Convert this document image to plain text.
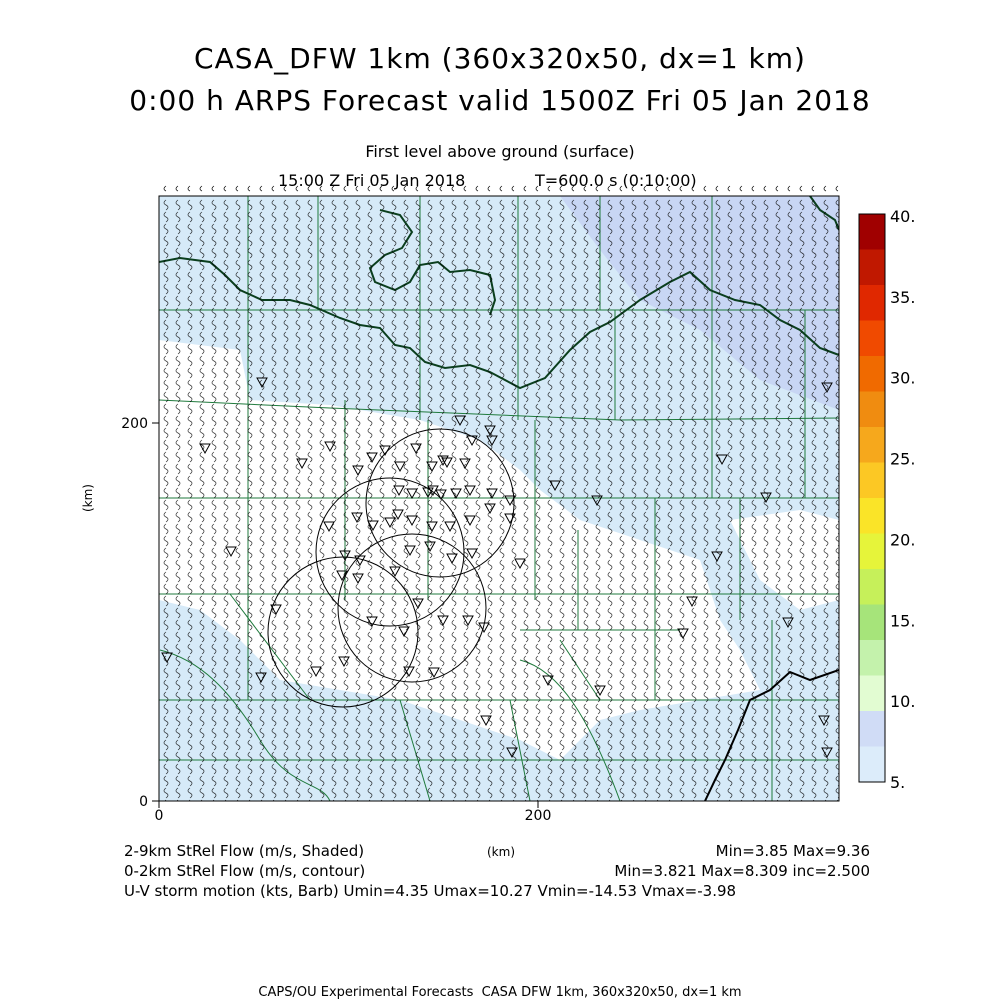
CASA_DFW 1km (360x320x50, dx=1 km)
0:00 h ARPS Forecast valid 1500Z Fri 05 Jan 2018
First level above ground (surface)
15:00 Z Fri 05 Jan 2018	T=600.0 s (0:10:00)
0	200
0
200
(km)
40.
35.
30.
25.
20.
15.
10.
5.
2-9km StRel Flow (m/s, Shaded)	(km)	Min=3.85 Max=9.36
0-2km StRel Flow (m/s, contour)	Min=3.821 Max=8.309 inc=2.500
U-V storm motion (kts, Barb) Umin=4.35 Umax=10.27 Vmin=-14.53 Vmax=-3.98
CAPS/OU Experimental Forecasts  CASA DFW 1km, 360x320x50, dx=1 km
